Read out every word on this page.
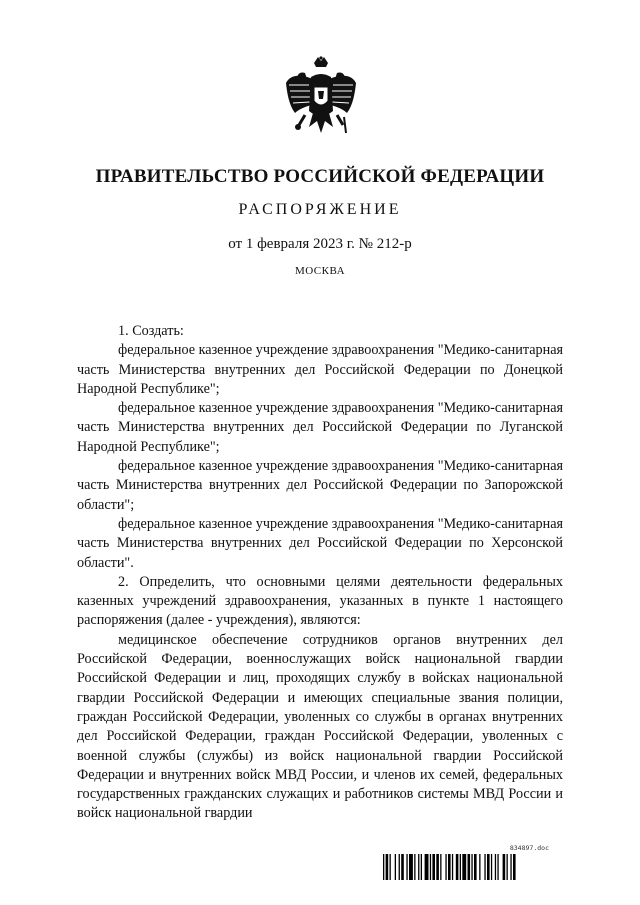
ПРАВИТЕЛЬСТВО РОССИЙСКОЙ ФЕДЕРАЦИИ
РАСПОРЯЖЕНИЕ
от 1 февраля 2023 г. № 212-р
МОСКВА

1. Создать:

федеральное казенное учреждение здравоохранения "Медико-санитарная часть Министерства внутренних дел Российской Федерации по Донецкой Народной Республике";

федеральное казенное учреждение здравоохранения "Медико-санитарная часть Министерства внутренних дел Российской Федерации по Луганской Народной Республике";

федеральное казенное учреждение здравоохранения "Медико-санитарная часть Министерства внутренних дел Российской Федерации по Запорожской области";

федеральное казенное учреждение здравоохранения "Медико-санитарная часть Министерства внутренних дел Российской Федерации по Херсонской области".

2. Определить, что основными целями деятельности федеральных казенных учреждений здравоохранения, указанных в пункте 1 настоящего распоряжения (далее - учреждения), являются:

медицинское обеспечение сотрудников органов внутренних дел Российской Федерации, военнослужащих войск национальной гвардии Российской Федерации и лиц, проходящих службу в войсках национальной гвардии Российской Федерации и имеющих специальные звания полиции, граждан Российской Федерации, уволенных со службы в органах внутренних дел Российской Федерации, граждан Российской Федерации, уволенных с военной службы (службы) из войск национальной гвардии Российской Федерации и внутренних войск МВД России, и членов их семей, федеральных государственных гражданских служащих и работников системы МВД России и войск национальной гвардии

834897.doc
